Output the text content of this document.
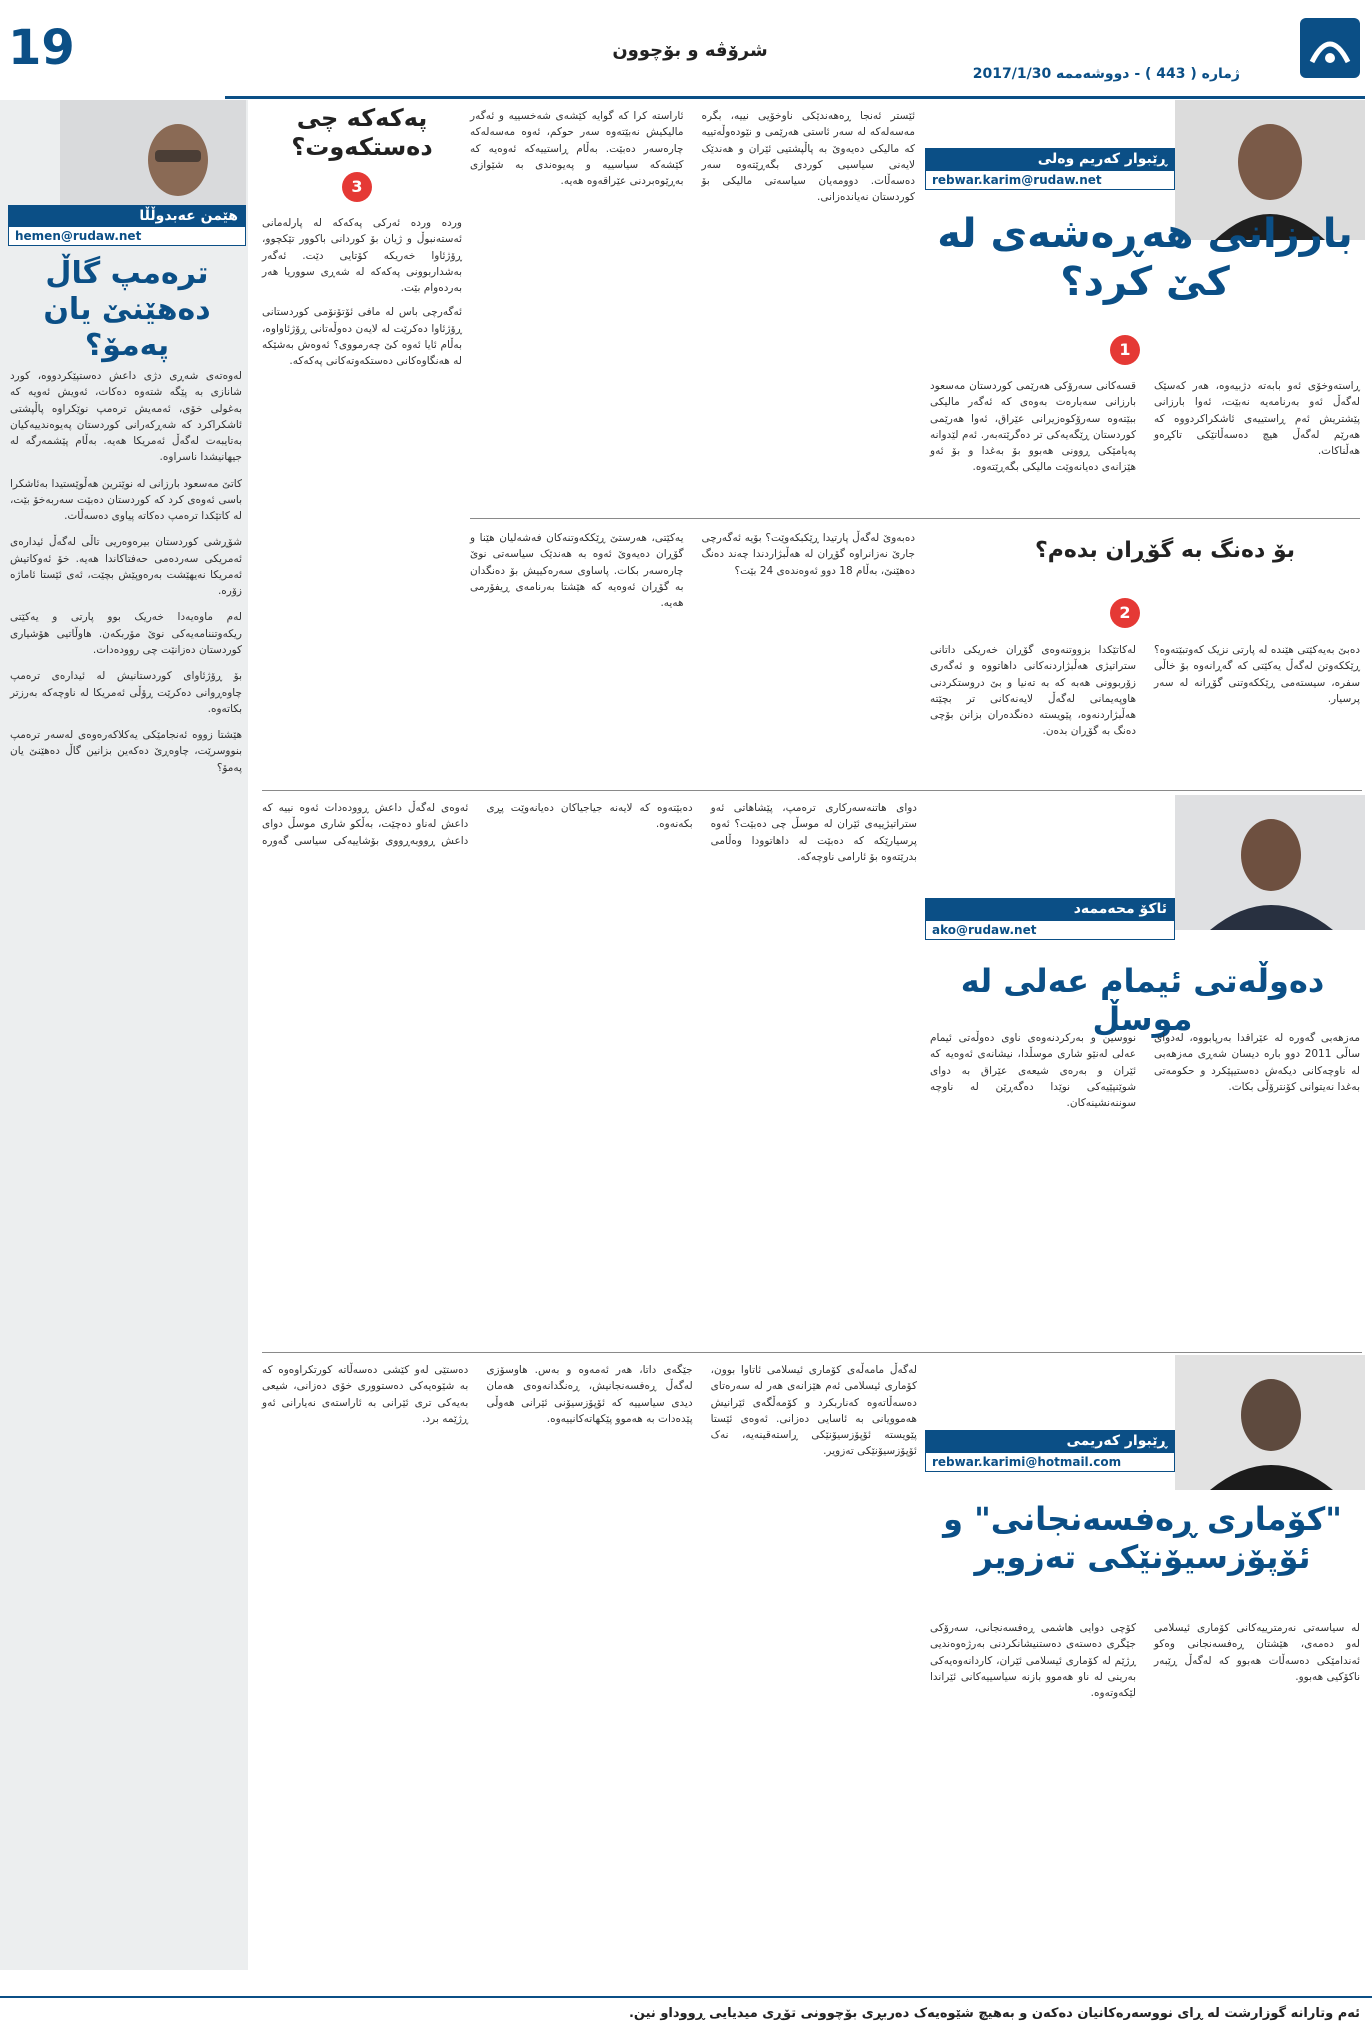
19	شرۆڤە و بۆچوون
ژمارە ( 443 ) - دووشەممە 2017/1/30
هێمن عەبدوڵڵا
hemen@rudaw.net
ترەمپ گاڵ دەهێنێ یان پەمۆ؟

لەوەتەی شەڕی دژی داعش دەستپێکردووە، کورد شانازی بە پێگە شتەوە دەکات، ئەویش ئەویە کە بەغولی خۆی، ئەمەیش ترەمپ نوێکراوە پاڵپشتی ئاشکراکرد کە شەڕکەرانی کوردستان پەیوەندییەکیان بەتایبەت لەگەڵ ئەمریکا هەیە. بەڵام پێشمەرگە لە جیهانیشدا ناسراوە.

کاتێ مەسعود بارزانی لە نوێترین هەڵوێستیدا بەئاشکرا باسی ئەوەی کرد کە کوردستان دەبێت سەربەخۆ بێت، لە کاتێکدا ترەمپ دەکاتە پیاوی دەسەڵات.

شۆڕشی کوردستان بیرەوەریی تاڵی لەگەڵ ئیدارەی ئەمریکی سەردەمی حەفتاکاندا هەیە. خۆ ئەوکاتیش ئەمریکا نەیهێشت بەرەوپێش بچێت، ئەی ئێستا ئاماژە زۆرە.

لەم ماوەیەدا خەریک بوو پارتی و یەکێتی ریکەوتننامەیەکی نوێ مۆربکەن. هاوڵاتیی هۆشیاری کوردستان دەزانێت چی روودەدات.

بۆ ڕۆژئاوای کوردستانیش لە ئیدارەی ترەمپ چاوەڕوانی دەکرێت ڕۆڵی ئەمریکا لە ناوچەکە بەرزتر بکاتەوە.

هێشتا زووە ئەنجامێکی یەکلاکەرەوەی لەسەر ترەمپ بنووسرێت، چاوەڕێ دەکەین بزانین گاڵ دەهێنێ یان پەمۆ؟

ڕێبوار کەریم وەلی
rebwar.karim@rudaw.net
بارزانی هەڕەشەی لە کێ کرد؟
1

قسەکانی سەرۆکی هەرێمی کوردستان مەسعود بارزانی سەبارەت بەوەی کە ئەگەر مالیکی ببێتەوە سەرۆکوەزیرانی عێراق، ئەوا هەرێمی کوردستان ڕێگەیەکی تر دەگرێتەبەر. ئەم لێدوانە پەیامێکی ڕوونی هەبوو بۆ بەغدا و بۆ ئەو هێزانەی دەیانەوێت مالیکی بگەڕێتەوە.

ڕاستەوخۆی ئەو بابەتە دژبیەوە، هەر کەسێک لەگەڵ ئەو بەرنامەیە نەبێت، ئەوا بارزانی پێشتریش ئەم ڕاستییەی ئاشکراکردووە کە هەرێم لەگەڵ هیچ دەسەڵاتێکی تاکڕەو هەڵناکات.

ئاراستە کرا کە گوایە کێشەی شەخسییە و ئەگەر مالیکیش نەبێتەوە سەر حوکم، ئەوە مەسەلەکە چارەسەر دەبێت. بەڵام ڕاستییەکە ئەوەیە کە کێشەکە سیاسییە و پەیوەندی بە شێوازی بەڕێوەبردنی عێراقەوە هەیە.

ئێستر ئەنجا ڕەهەندێکی ناوخۆیی نییە، بگرە مەسەلەکە لە سەر ئاستی هەرێمی و نێودەوڵەتییە کە مالیکی دەیەوێ بە پاڵپشتیی ئێران و هەندێک لایەنی سیاسیی کوردی بگەڕێتەوە سەر دەسەڵات. دوومەیان سیاسەتی مالیکی بۆ کوردستان نەیاندەزانی.

پەکەکە چی دەستکەوت؟
3

وردە وردە ئەرکی پەکەکە لە پارلەمانی ئەستەنبوڵ و ژیان بۆ کوردانی باکوور تێکچوو، ڕۆژئاوا خەریکە کۆتایی دێت. ئەگەر بەشداربوونی پەکەکە لە شەڕی سووریا هەر بەردەوام بێت.

ئەگەرچی باس لە مافی ئۆتۆنۆمی کوردستانی ڕۆژئاوا دەکرێت لە لایەن دەوڵەتانی ڕۆژئاواوە، بەڵام ئایا ئەوە کێ چەرمووی؟ ئەوەش بەشێکە لە هەنگاوەکانی دەستکەوتەکانی پەکەکە.

بۆ دەنگ بە گۆڕان بدەم؟
2

لەکاتێکدا بزووتنەوەی گۆڕان خەریکی داتانی ستراتیژی هەڵبژاردنەکانی داهاتووە و ئەگەری زۆربوونی هەبە کە بە تەنیا و بێ دروستکردنی هاوپەیمانی لەگەڵ لایەنەکانی تر بچێتە هەڵبژاردنەوە، پێویستە دەنگدەران بزانن بۆچی دەنگ بە گۆڕان بدەن.

دەبێ بەیەکێتی هێندە لە پارتی نزیک کەوتبێتەوە؟ ڕێککەوتن لەگەڵ یەکێتی کە گەڕانەوە بۆ خاڵی سفرە، سیستەمی ڕێککەوتنی گۆڕانە لە سەر پرسیار.

یەکێتی، هەرستێ ڕێککەوتنەکان فەشەلیان هێنا و گۆڕان دەیەوێ ئەوە بە هەندێک سیاسەتی نوێ چارەسەر بکات. پاساوی سەرەکییش بۆ دەنگدان بە گۆڕان ئەوەیە کە هێشتا بەرنامەی ڕیفۆرمی هەیە.

دەبەوێ لەگەڵ پارتیدا ڕێکبکەوێت؟ بۆیە ئەگەرچی جارێ نەزانراوە گۆڕان لە هەڵبژاردندا چەند دەنگ دەهێنێ، بەڵام 18 دوو ئەوەندەی 24 بێت؟

ئاکۆ محەممەد
ako@rudaw.net
دەوڵەتی ئیمام عەلی لە موسڵ

نووسین و بەرکردنەوەی ناوی دەوڵەتی ئیمام عەلی لەنێو شاری موسڵدا، نیشانەی ئەوەیە کە ئێران و بەرەی شیعەی عێراق بە دوای شوێنپێیەکی نوێدا دەگەڕێن لە ناوچە سوننەنشینەکان.

مەزهەبی گەورە لە عێراقدا بەرپابووە، لەدوای ساڵی 2011 دوو بارە دیسان شەڕی مەزهەبی لە ناوچەکانی دیکەش دەستیپێکرد و حکومەتی بەغدا نەیتوانی کۆنترۆڵی بکات.

ئەوەی لەگەڵ داعش ڕوودەدات ئەوە نییە کە داعش لەناو دەچێت، بەڵکو شاری موسڵ دوای داعش ڕووبەڕووی بۆشاییەکی سیاسی گەورە دەبێتەوە کە لایەنە جیاجیاکان دەیانەوێت پڕی بکەنەوە.

دوای هاتنەسەرکاری ترەمپ، پێشاهاتی ئەو ستراتیژییەی ئێران لە موسڵ چی دەبێت؟ ئەوە پرسیارێکە کە دەبێت لە داهاتوودا وەڵامی بدرێتەوە بۆ ئارامی ناوچەکە.

ڕێبوار کەریمی
rebwar.karimi@hotmail.com
"کۆماری ڕەفسەنجانی" و ئۆپۆزسیۆنێکی تەزویر

کۆچی دوایی هاشمی ڕەفسەنجانی، سەرۆکی جێگری دەستەی دەستنیشانکردنی بەرژەوەندیی ڕژێم لە کۆماری ئیسلامی ئێران، کاردانەوەیەکی بەرینی لە ناو هەموو بازنە سیاسییەکانی ئێراندا لێکەوتەوە.

لە سیاسەتی نەرمترییەکانی کۆماری ئیسلامی لەو دەمەی، هێشتان ڕەفسەنجانی وەکو ئەندامێکی دەسەڵات هەبوو کە لەگەڵ ڕێبەر ناکۆکیی هەبوو.

دەستێی لەو کێشی دەسەڵاتە کورتکراوەوە کە بە شێوەیەکی دەستووری خۆی دەزانی، شیعی بەیەکی تری ئێرانی بە ئاراستەی نەیارانی ئەو ڕژێمە برد.

جێگەی داتا، هەر ئەمەوە و بەس. هاوسۆزی لەگەڵ ڕەفسەنجانیش، ڕەنگدانەوەی هەمان دیدی سیاسییە کە ئۆپۆزسیۆنی ئێرانی هەوڵی پێدەدات بە هەموو پێکهاتەکانییەوە.

لەگەڵ مامەڵەی کۆماری ئیسلامی ئاتاوا بوون، کۆماری ئیسلامی ئەم هێزانەی هەر لە سەرەتای دەسەڵاتەوە کەناربکرد و کۆمەڵگەی ئێرانیش هەموویانی بە ئاسایی دەزانی. ئەوەی ئێستا پێویستە ئۆپۆزسیۆنێکی ڕاستەقینەیە، نەک ئۆپۆزسیۆنێکی تەزویر.

ئەم وتارانە گوزارشت لە ڕای نووسەرەکانیان دەکەن و بەهیچ شێوەیەک دەربڕی بۆچوونی تۆڕی میدیایی ڕووداو نین.
